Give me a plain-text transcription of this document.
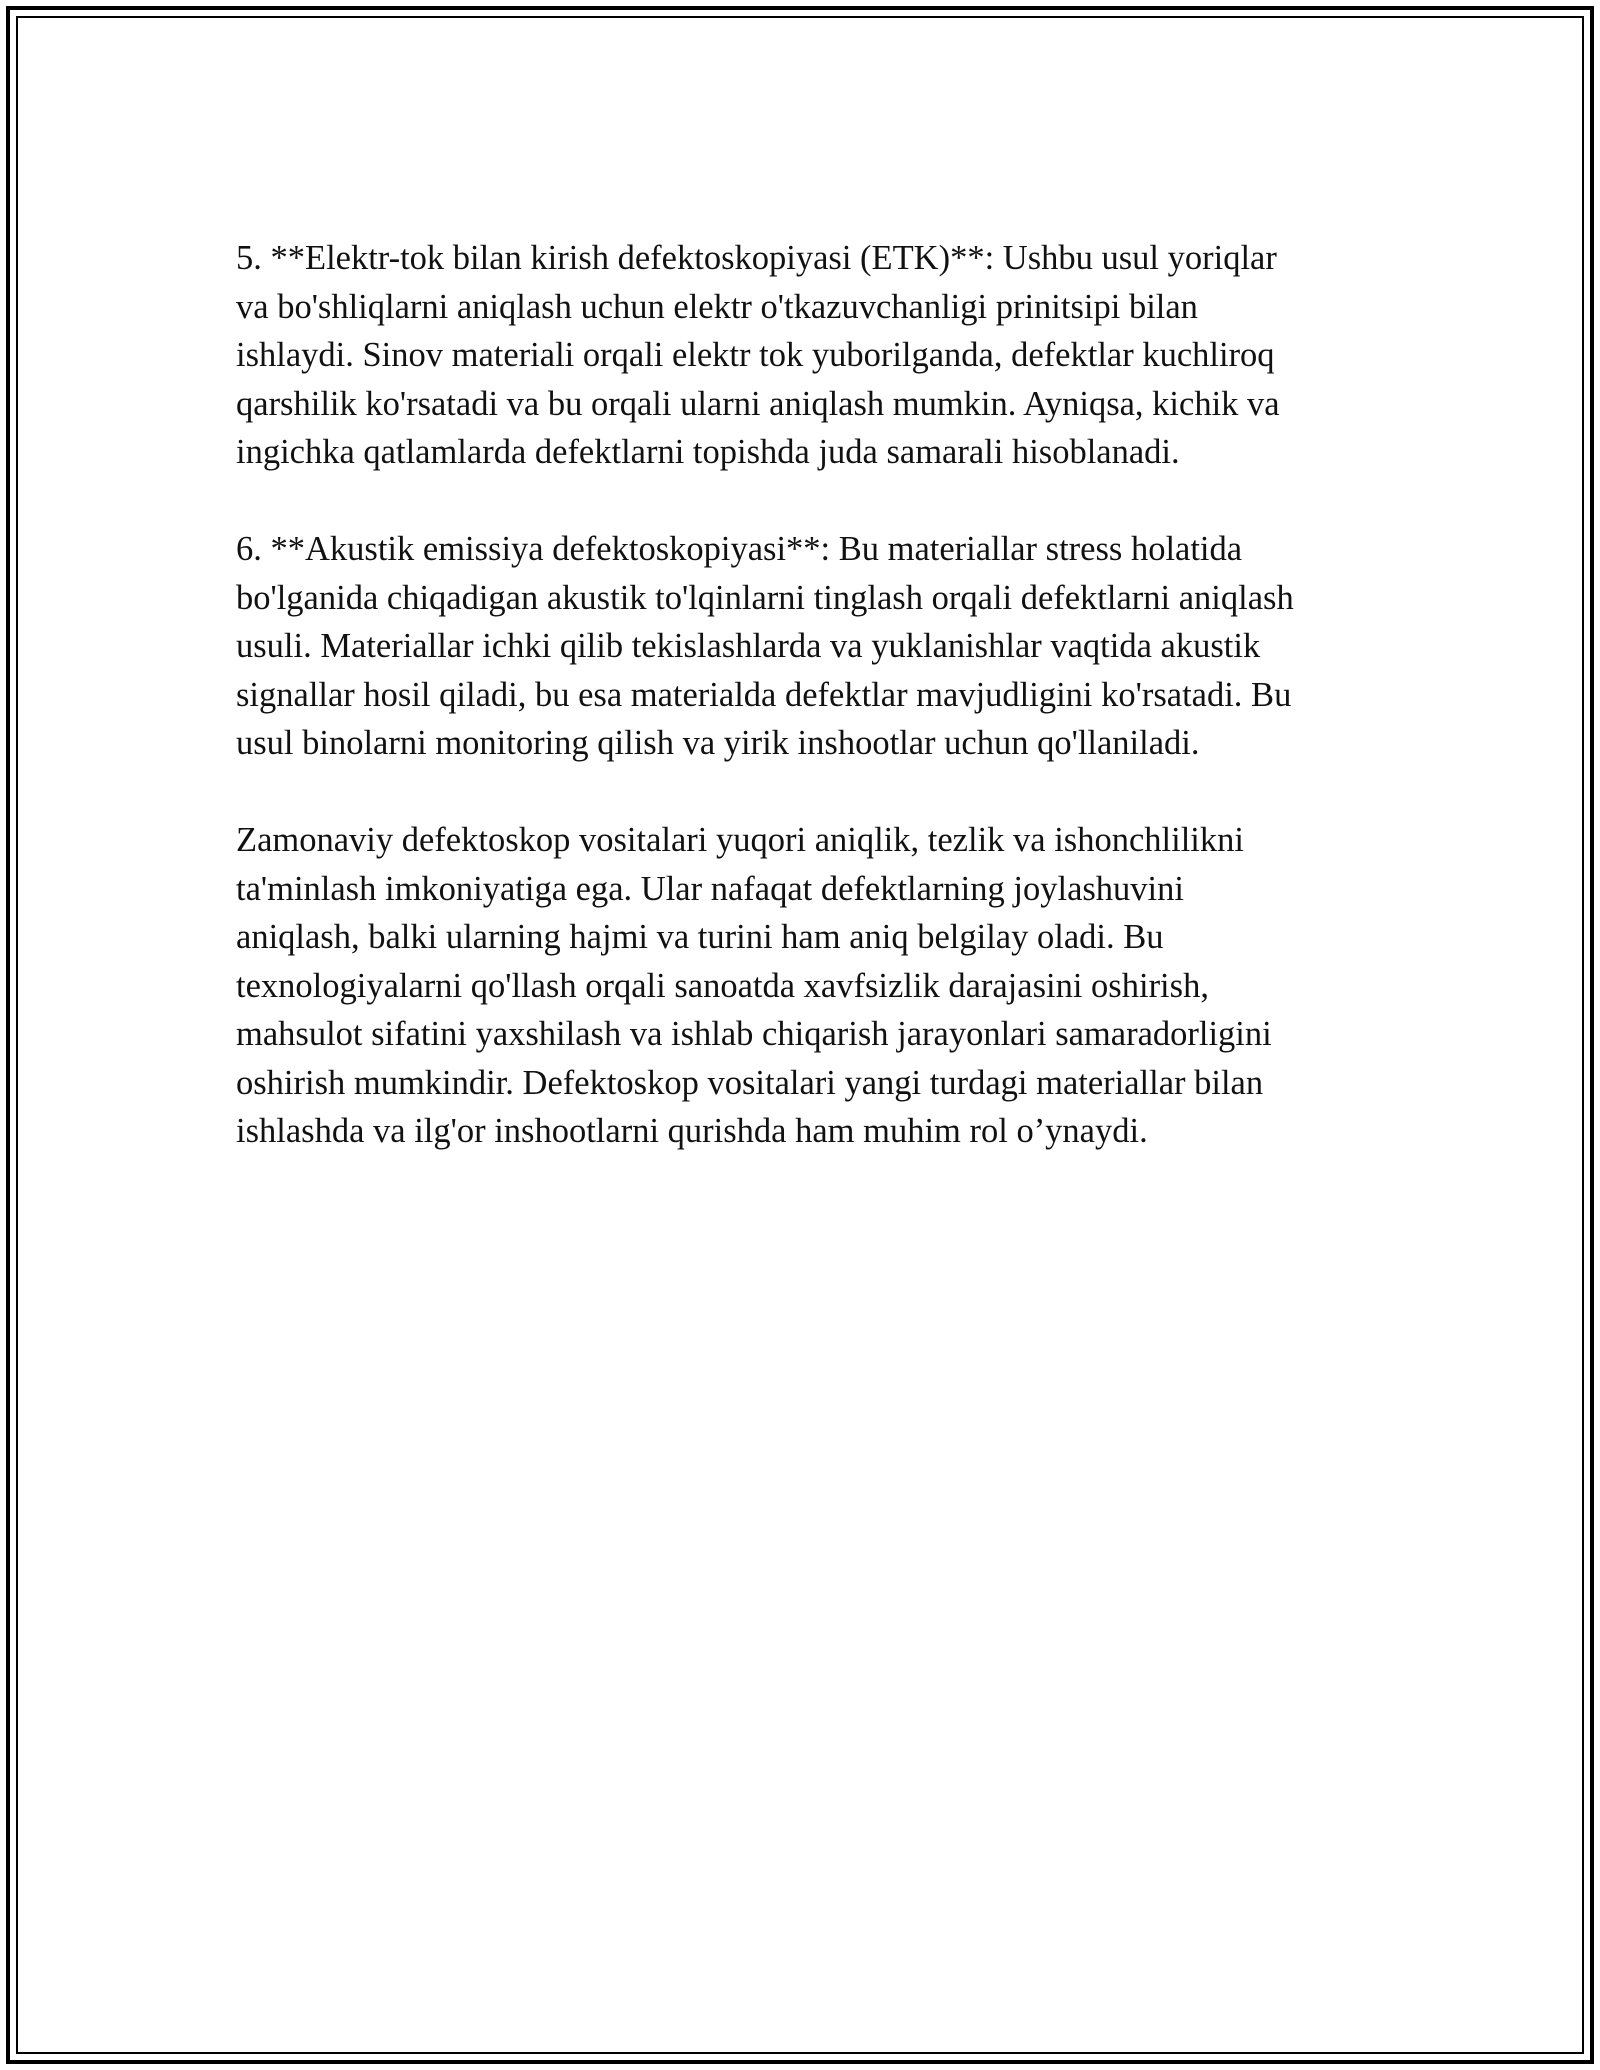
5. **Elektr-tok bilan kirish defektoskopiyasi (ETK)**: Ushbu usul yoriqlar
va bo'shliqlarni aniqlash uchun elektr o'tkazuvchanligi prinitsipi bilan
ishlaydi. Sinov materiali orqali elektr tok yuborilganda, defektlar kuchliroq
qarshilik ko'rsatadi va bu orqali ularni aniqlash mumkin. Ayniqsa, kichik va
ingichka qatlamlarda defektlarni topishda juda samarali hisoblanadi.

6. **Akustik emissiya defektoskopiyasi**: Bu materiallar stress holatida
bo'lganida chiqadigan akustik to'lqinlarni tinglash orqali defektlarni aniqlash
usuli. Materiallar ichki qilib tekislashlarda va yuklanishlar vaqtida akustik
signallar hosil qiladi, bu esa materialda defektlar mavjudligini ko'rsatadi. Bu
usul binolarni monitoring qilish va yirik inshootlar uchun qo'llaniladi.

Zamonaviy defektoskop vositalari yuqori aniqlik, tezlik va ishonchlilikni
ta'minlash imkoniyatiga ega. Ular nafaqat defektlarning joylashuvini
aniqlash, balki ularning hajmi va turini ham aniq belgilay oladi. Bu
texnologiyalarni qo'llash orqali sanoatda xavfsizlik darajasini oshirish,
mahsulot sifatini yaxshilash va ishlab chiqarish jarayonlari samaradorligini
oshirish mumkindir. Defektoskop vositalari yangi turdagi materiallar bilan
ishlashda va ilg'or inshootlarni qurishda ham muhim rol o’ynaydi.
